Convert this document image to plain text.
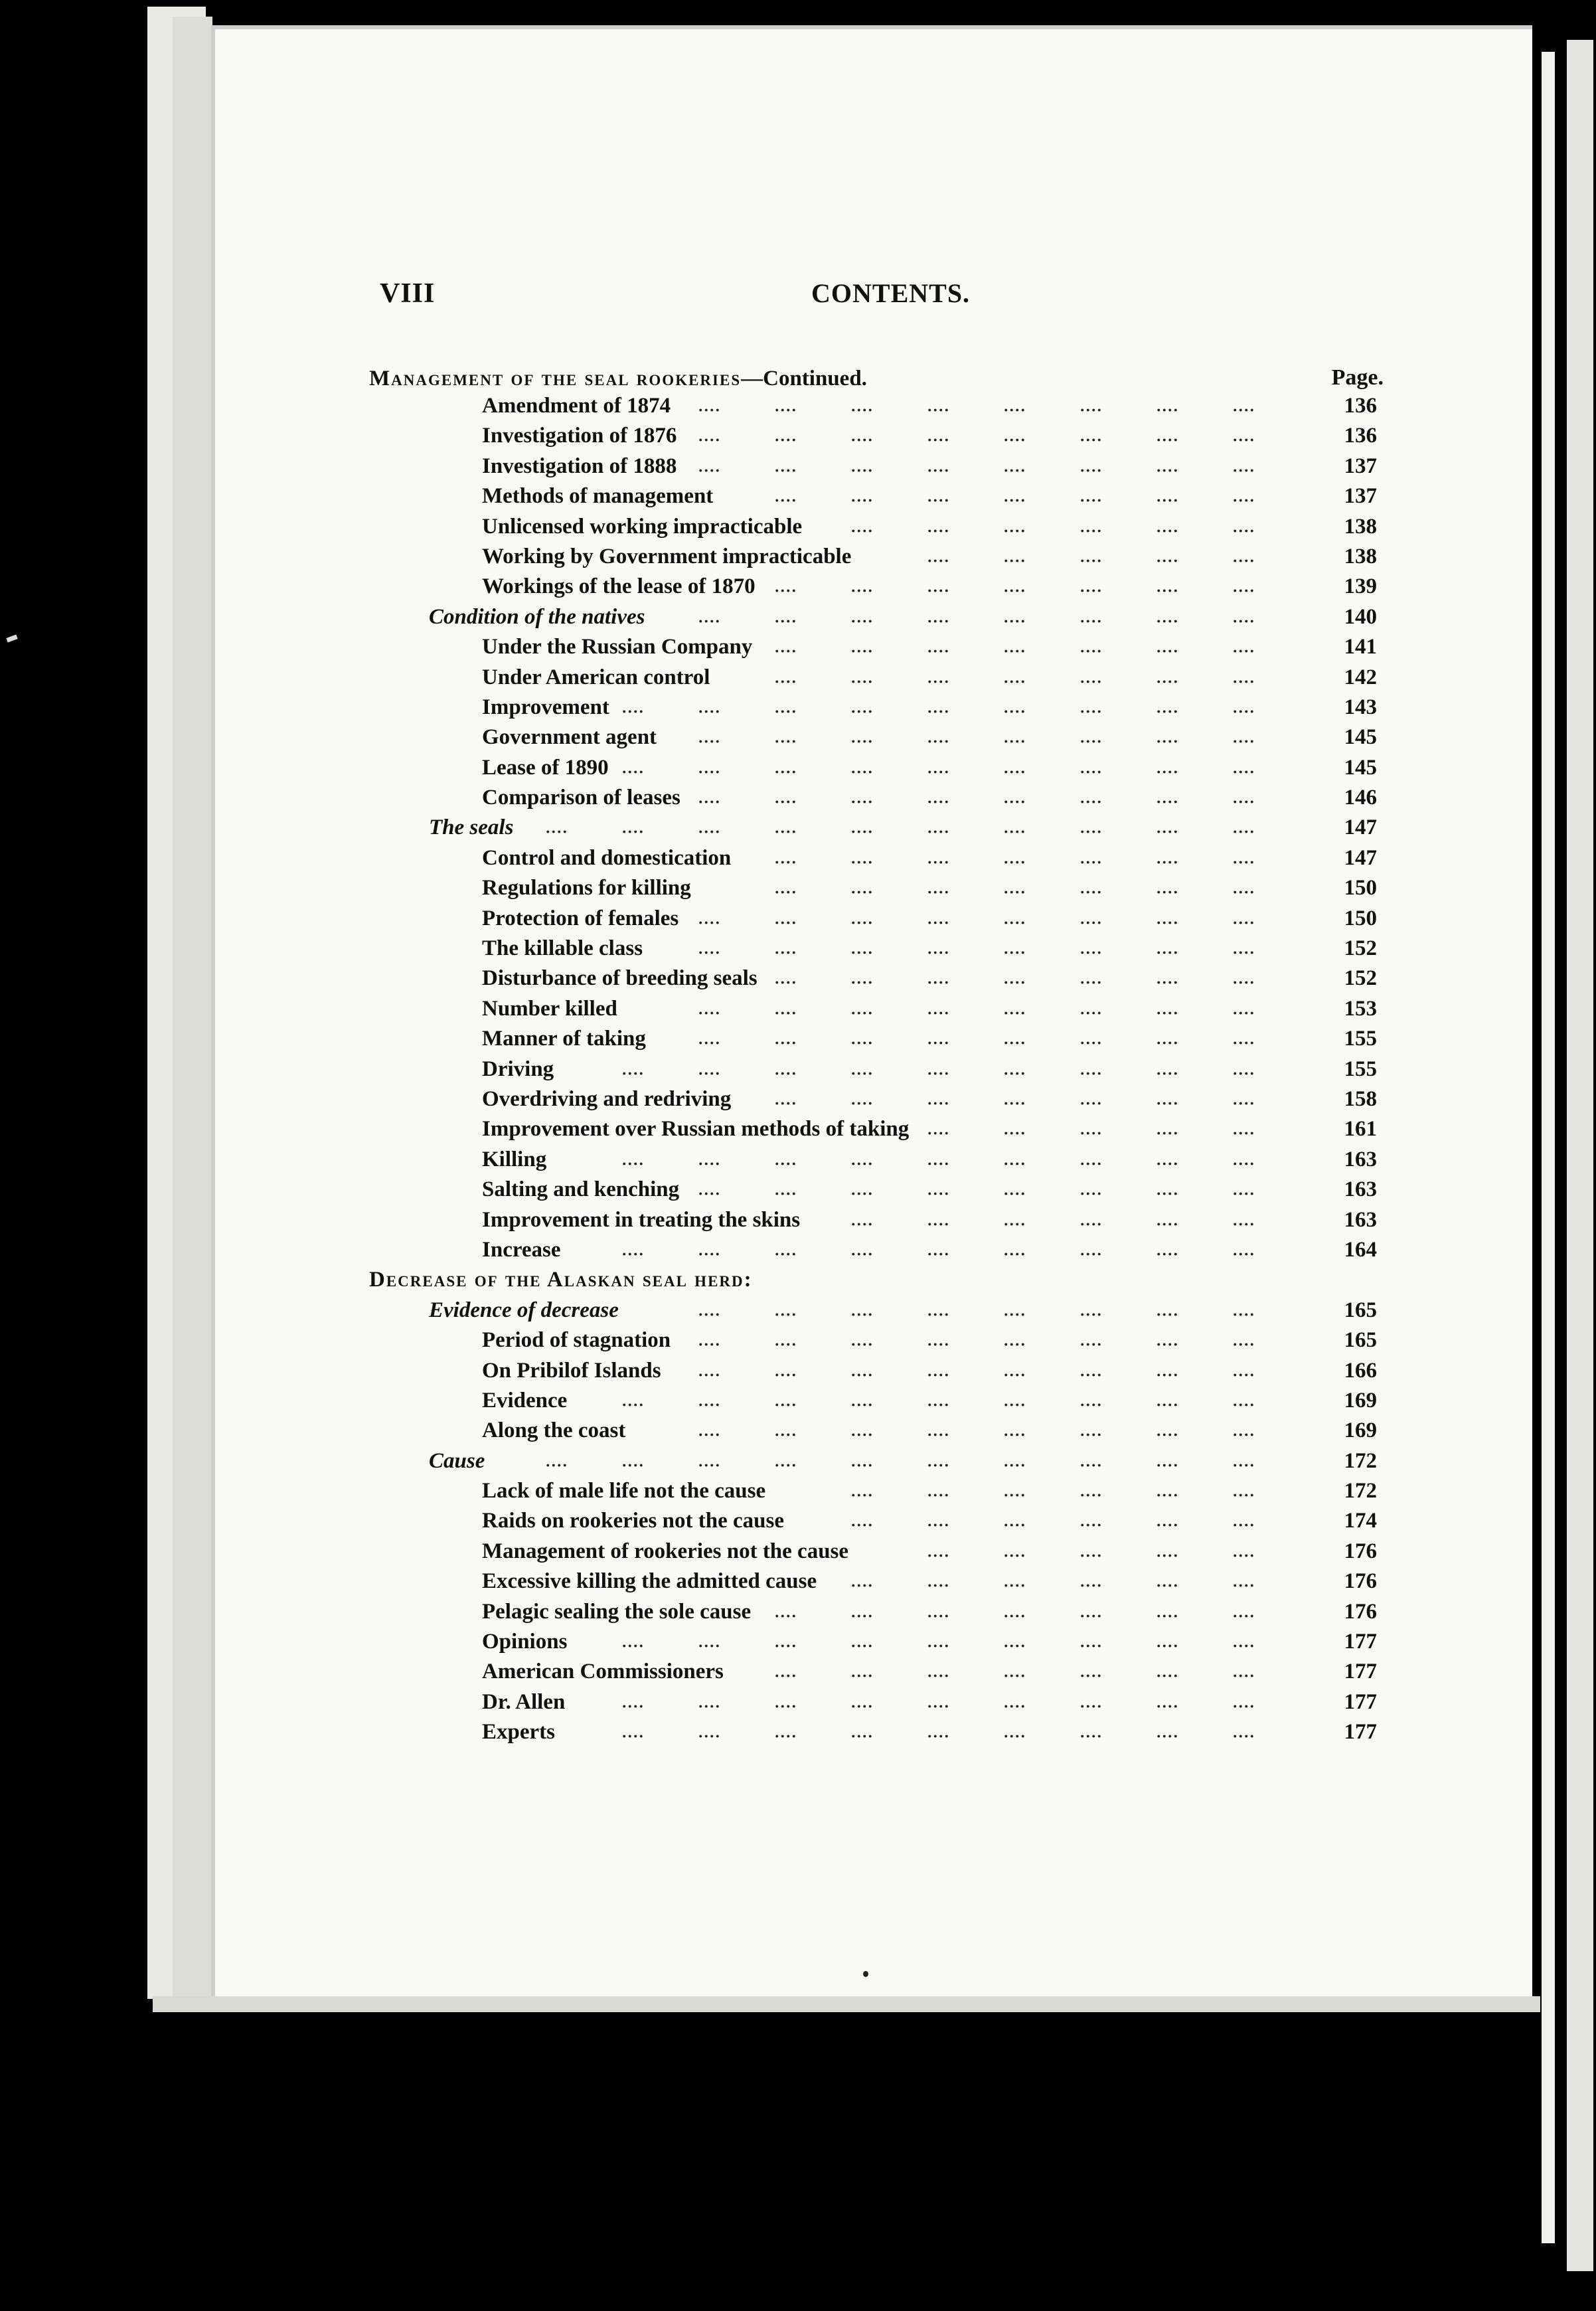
VIII	CONTENTS.
Management of the seal rookeries—Continued.	Page.
136
Amendment of 1874
136
Investigation of 1876
137
Investigation of 1888
137
Methods of management
138
Unlicensed working impracticable
138
Working by Government impracticable
139
Workings of the lease of 1870
140
Condition of the natives
141
Under the Russian Company
142
Under American control
143
Improvement
145
Government agent
145
Lease of 1890
146
Comparison of leases
147
The seals
147
Control and domestication
150
Regulations for killing
150
Protection of females
152
The killable class
152
Disturbance of breeding seals
153
Number killed
155
Manner of taking
155
Driving
158
Overdriving and redriving
161
Improvement over Russian methods of taking
163
Killing
163
Salting and kenching
163
Improvement in treating the skins
164
Increase
Decrease of the Alaskan seal herd:
165
Evidence of decrease
165
Period of stagnation
166
On Pribilof Islands
169
Evidence
169
Along the coast
172
Cause
172
Lack of male life not the cause
174
Raids on rookeries not the cause
176
Management of rookeries not the cause
176
Excessive killing the admitted cause
176
Pelagic sealing the sole cause
177
Opinions
177
American Commissioners
177
Dr. Allen
177
Experts
